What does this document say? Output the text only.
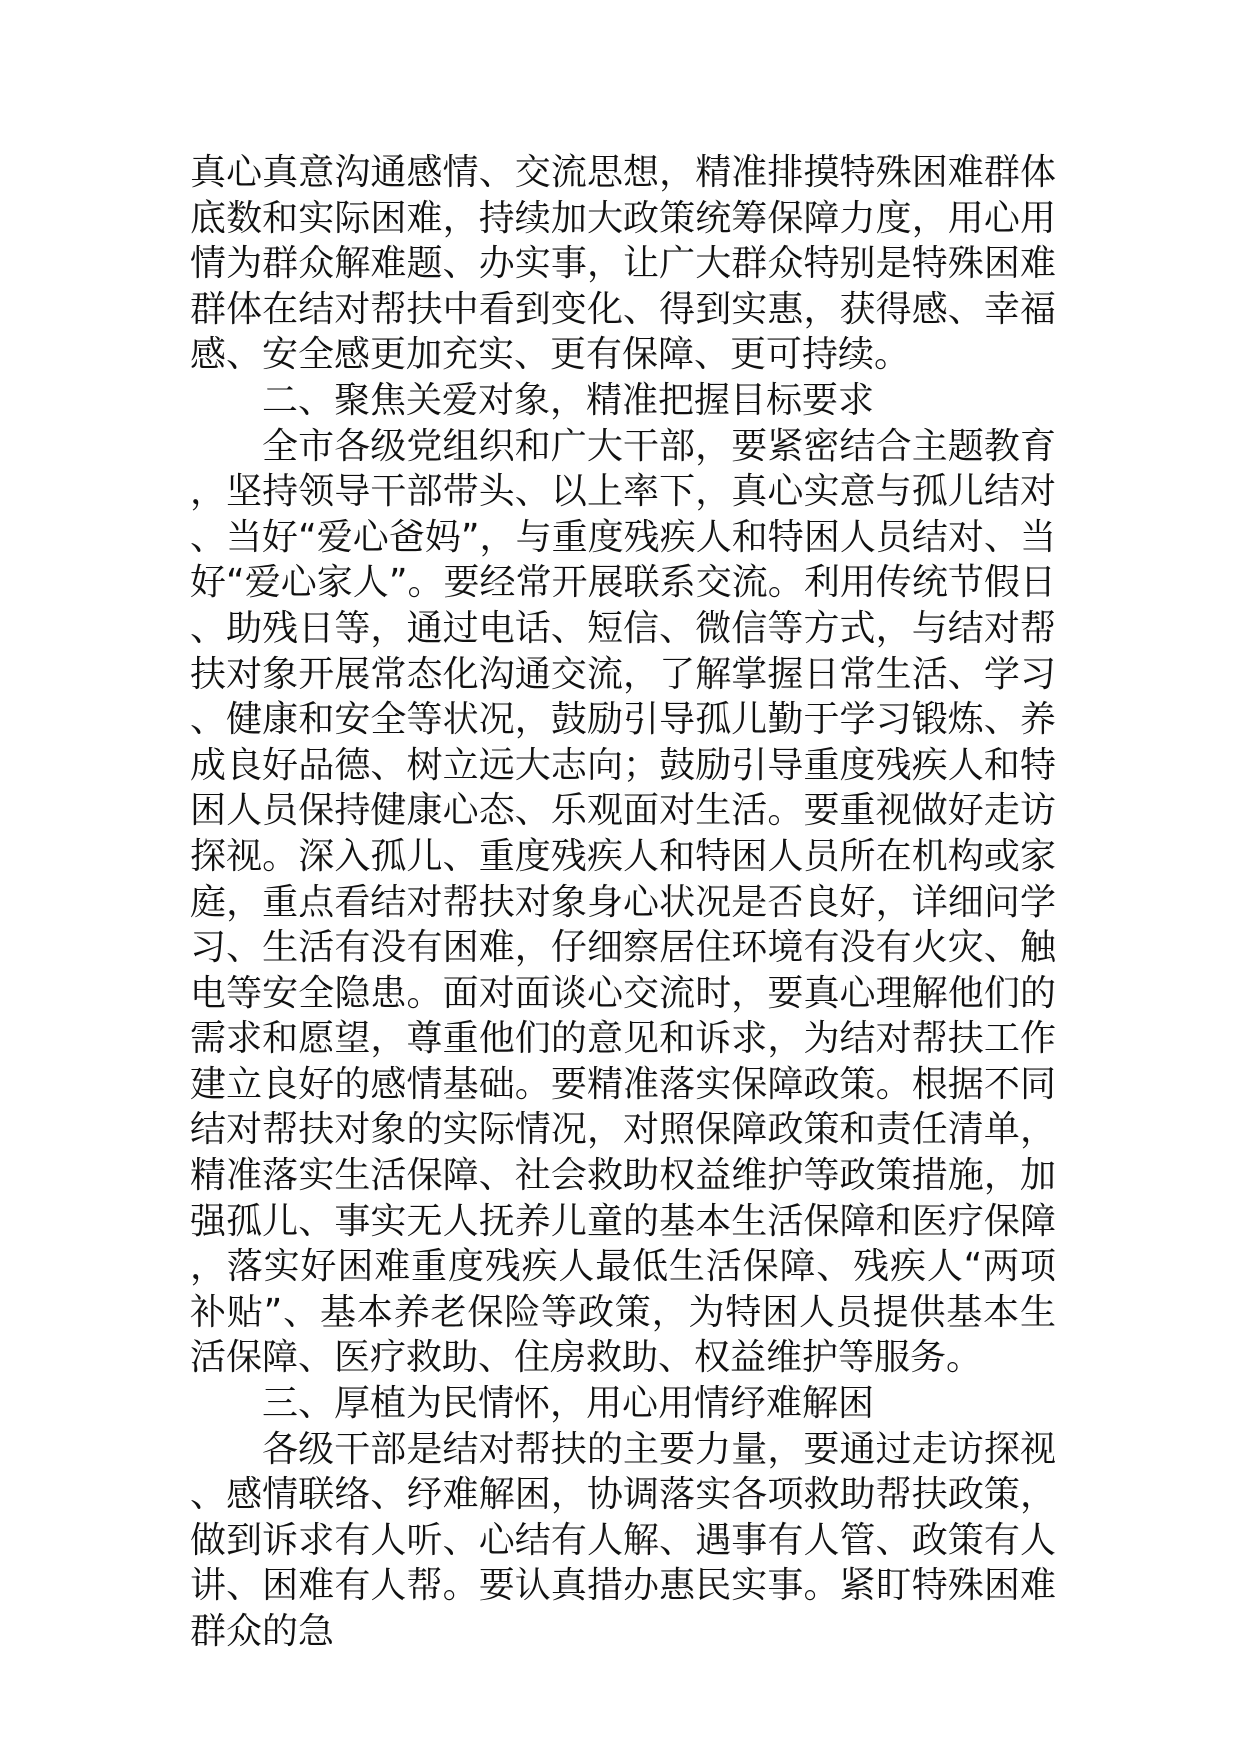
真心真意沟通感情、交流思想，精准排摸特殊困难群体底数和实际困难，持续加大政策统筹保障力度，用心用情为群众解难题、办实事，让广大群众特别是特殊困难群体在结对帮扶中看到变化、得到实惠，获得感、幸福感、安全感更加充实、更有保障、更可持续。

二、聚焦关爱对象，精准把握目标要求

全市各级党组织和广大干部，要紧密结合主题教育，坚持领导干部带头、以上率下，真心实意与孤儿结对、当好“爱心爸妈”，与重度残疾人和特困人员结对、当好“爱心家人”。要经常开展联系交流。利用传统节假日、助残日等，通过电话、短信、微信等方式，与结对帮扶对象开展常态化沟通交流，了解掌握日常生活、学习、健康和安全等状况，鼓励引导孤儿勤于学习锻炼、养成良好品德、树立远大志向；鼓励引导重度残疾人和特困人员保持健康心态、乐观面对生活。要重视做好走访探视。深入孤儿、重度残疾人和特困人员所在机构或家庭，重点看结对帮扶对象身心状况是否良好，详细问学习、生活有没有困难，仔细察居住环境有没有火灾、触电等安全隐患。面对面谈心交流时，要真心理解他们的需求和愿望，尊重他们的意见和诉求，为结对帮扶工作建立良好的感情基础。要精准落实保障政策。根据不同结对帮扶对象的实际情况，对照保障政策和责任清单，精准落实生活保障、社会救助权益维护等政策措施，加强孤儿、事实无人抚养儿童的基本生活保障和医疗保障，落实好困难重度残疾人最低生活保障、残疾人“两项补贴”、基本养老保险等政策，为特困人员提供基本生活保障、医疗救助、住房救助、权益维护等服务。

三、厚植为民情怀，用心用情纾难解困

各级干部是结对帮扶的主要力量，要通过走访探视、感情联络、纾难解困，协调落实各项救助帮扶政策，做到诉求有人听、心结有人解、遇事有人管、政策有人讲、困难有人帮。要认真措办惠民实事。紧盯特殊困难群众的急
